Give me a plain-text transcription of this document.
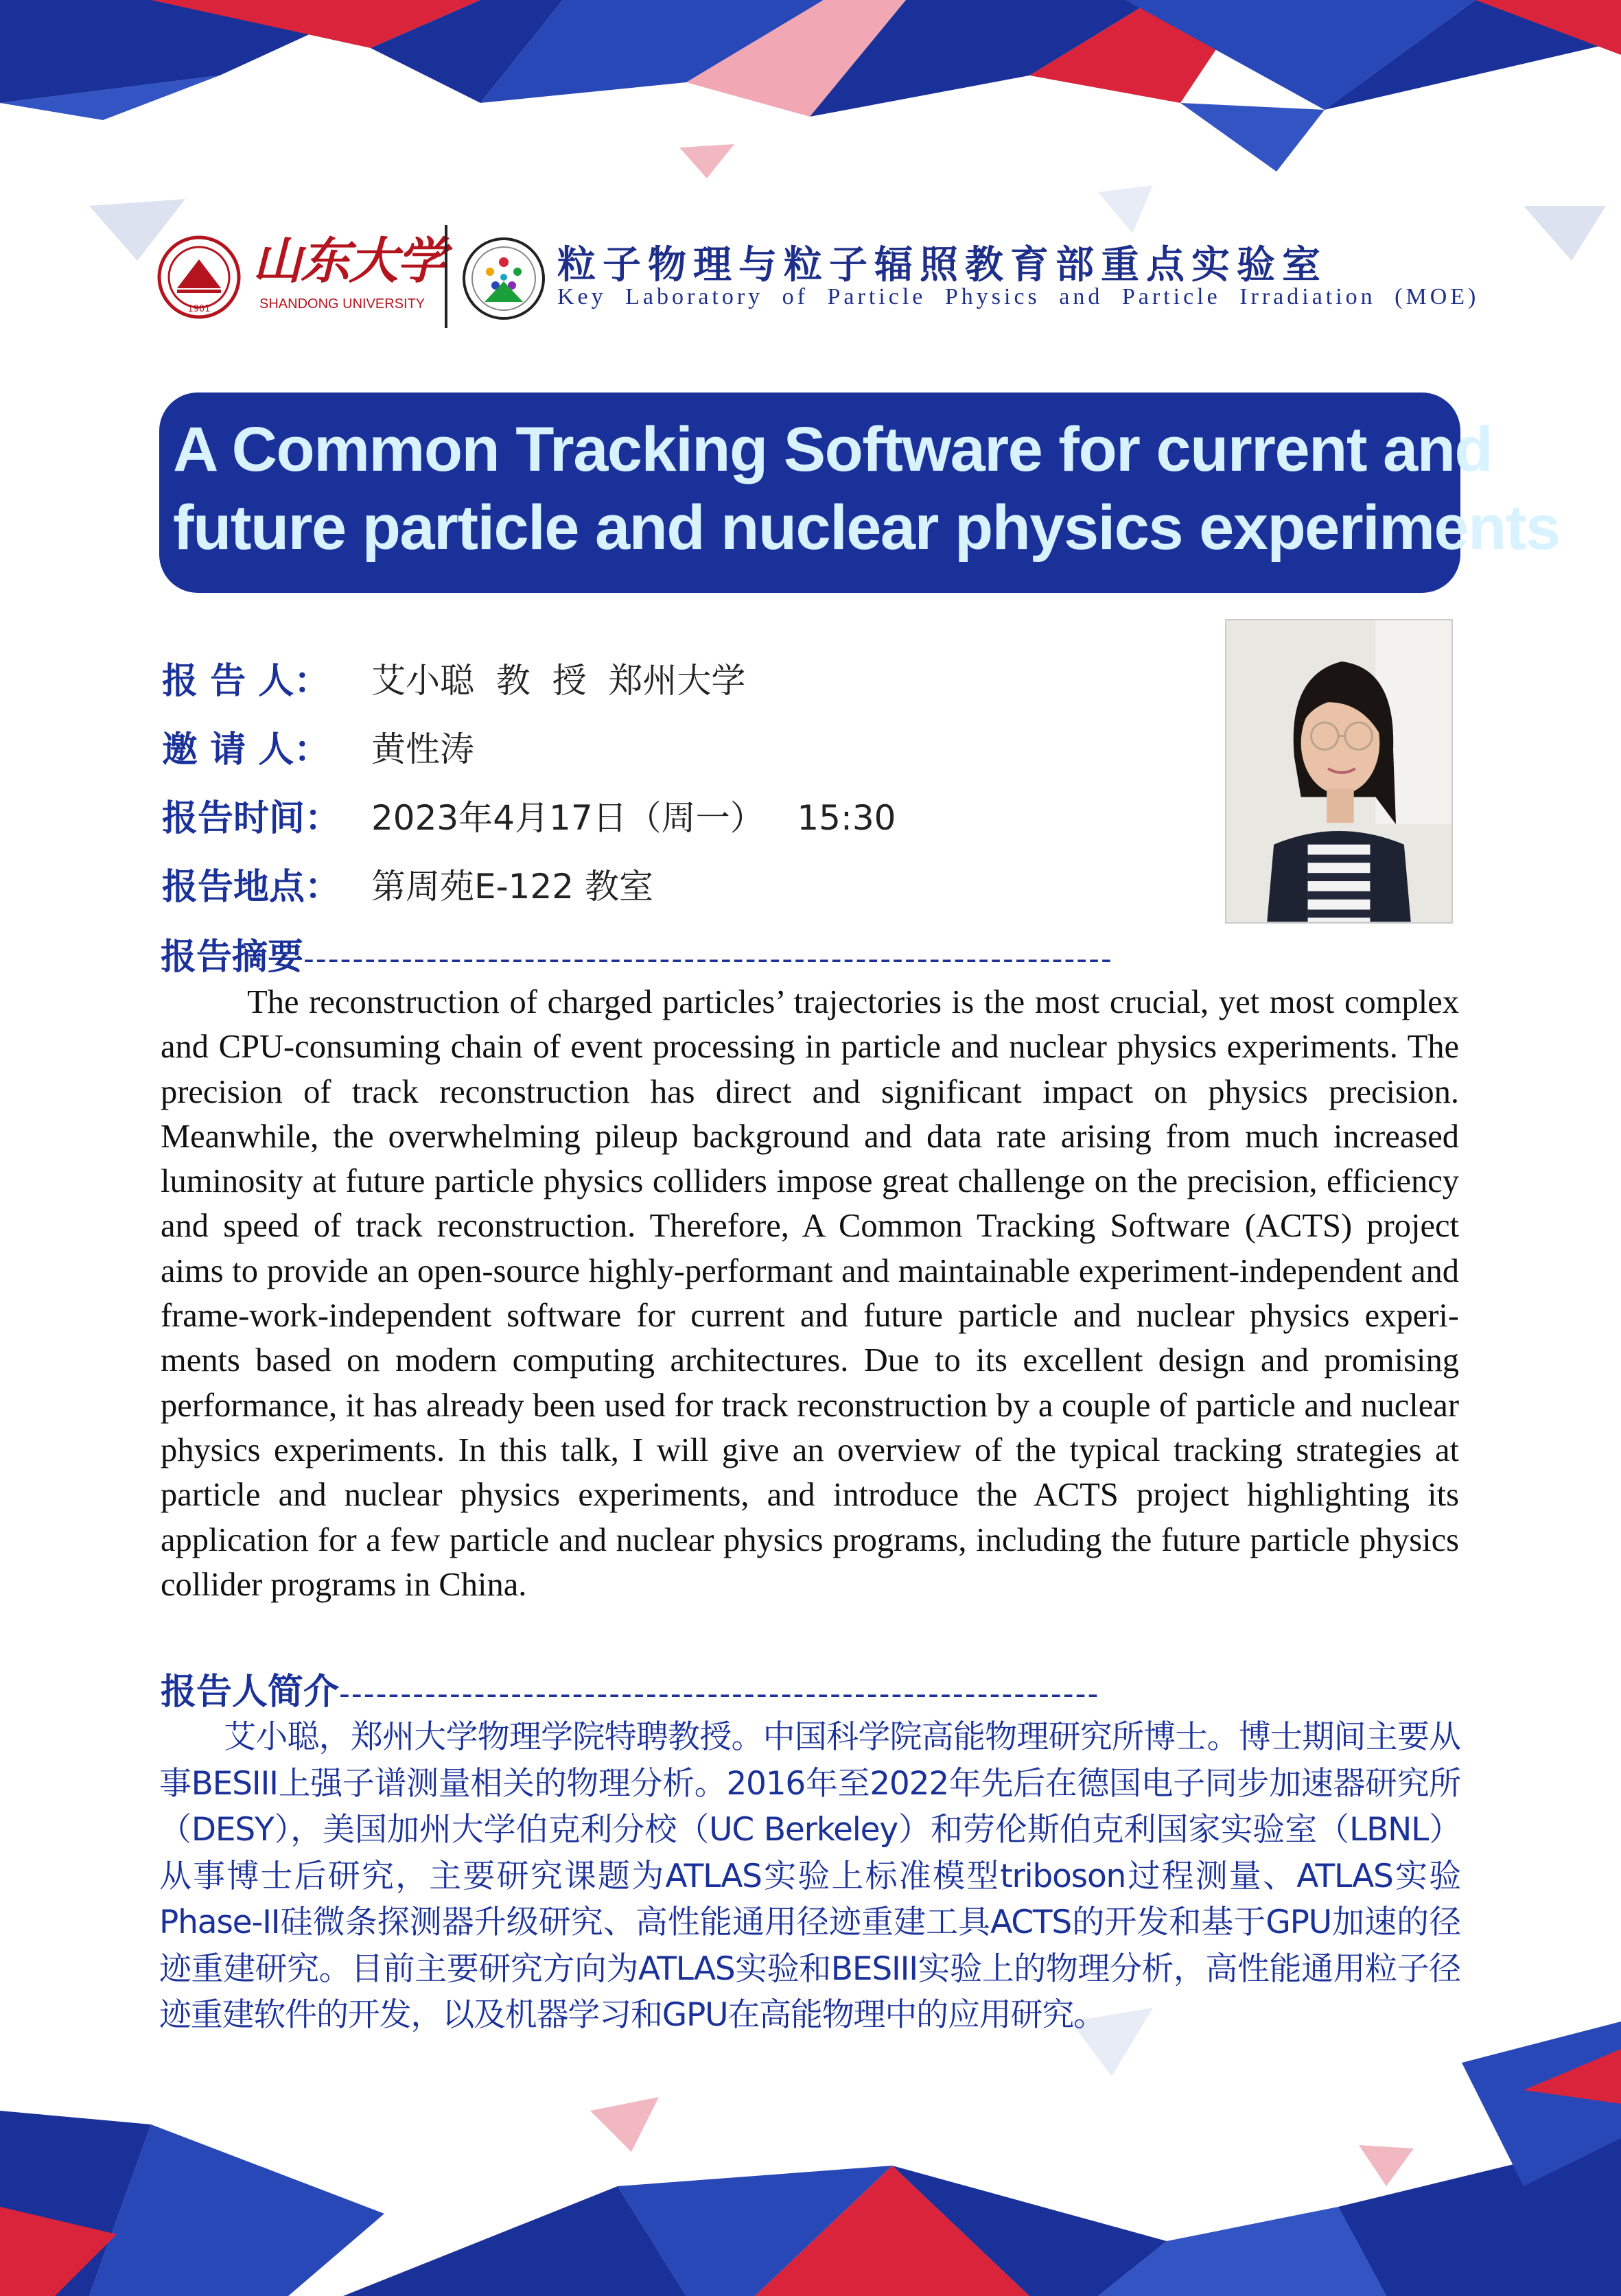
1901
山东大学
SHANDONG UNIVERSITY
粒子物理与粒子辐照教育部重点实验室
Key Laboratory of Particle Physics and Particle Irradiation (MOE)
A Common Tracking Software for current and
future particle and nuclear physics experiments
报 告 人：	艾小聪  教  授  郑州大学
邀 请 人：	黄性涛
报告时间： 2023年4月17日（周一）   15:30
报告地点： 第周苑E-122 教室
报告摘要------------------------------------------------------------------

The reconstruction of charged particles’ trajectories is the most crucial, yet most complex and CPU-consuming chain of event processing in particle and nuclear physics experiments. The precision of track reconstruction has direct and significant impact on physics precision. Meanwhile, the overwhelming pileup background and data rate arising from much increased luminosity at future particle physics colliders impose great challenge on the precision, efficiency and speed of track reconstruction. Therefore, A Common Tracking Software (ACTS) project aims to provide an open-source highly-performant and maintainable experiment-independent and frame-work-independent software for current and future particle and nuclear physics experi-ments based on modern computing architectures. Due to its excellent design and promising performance, it has already been used for track reconstruction by a couple of particle and nuclear physics experiments. In this talk, I will give an overview of the typical tracking strategies at particle and nuclear physics experiments, and introduce the ACTS project highlighting its application for a few particle and nuclear physics programs, including the future particle physics collider programs in China.

报告人简介--------------------------------------------------------------

艾小聪，郑州大学物理学院特聘教授。中国科学院高能物理研究所博士。博士期间主要从事BESIII上强子谱测量相关的物理分析。2016年至2022年先后在德国电子同步加速器研究所（DESY），美国加州大学伯克利分校（UC Berkeley）和劳伦斯伯克利国家实验室（LBNL）从事博士后研究，主要研究课题为ATLAS实验上标准模型triboson过程测量、ATLAS实验Phase-II硅微条探测器升级研究、高性能通用径迹重建工具ACTS的开发和基于GPU加速的径迹重建研究。目前主要研究方向为ATLAS实验和BESIII实验上的物理分析，高性能通用粒子径迹重建软件的开发，以及机器学习和GPU在高能物理中的应用研究。
